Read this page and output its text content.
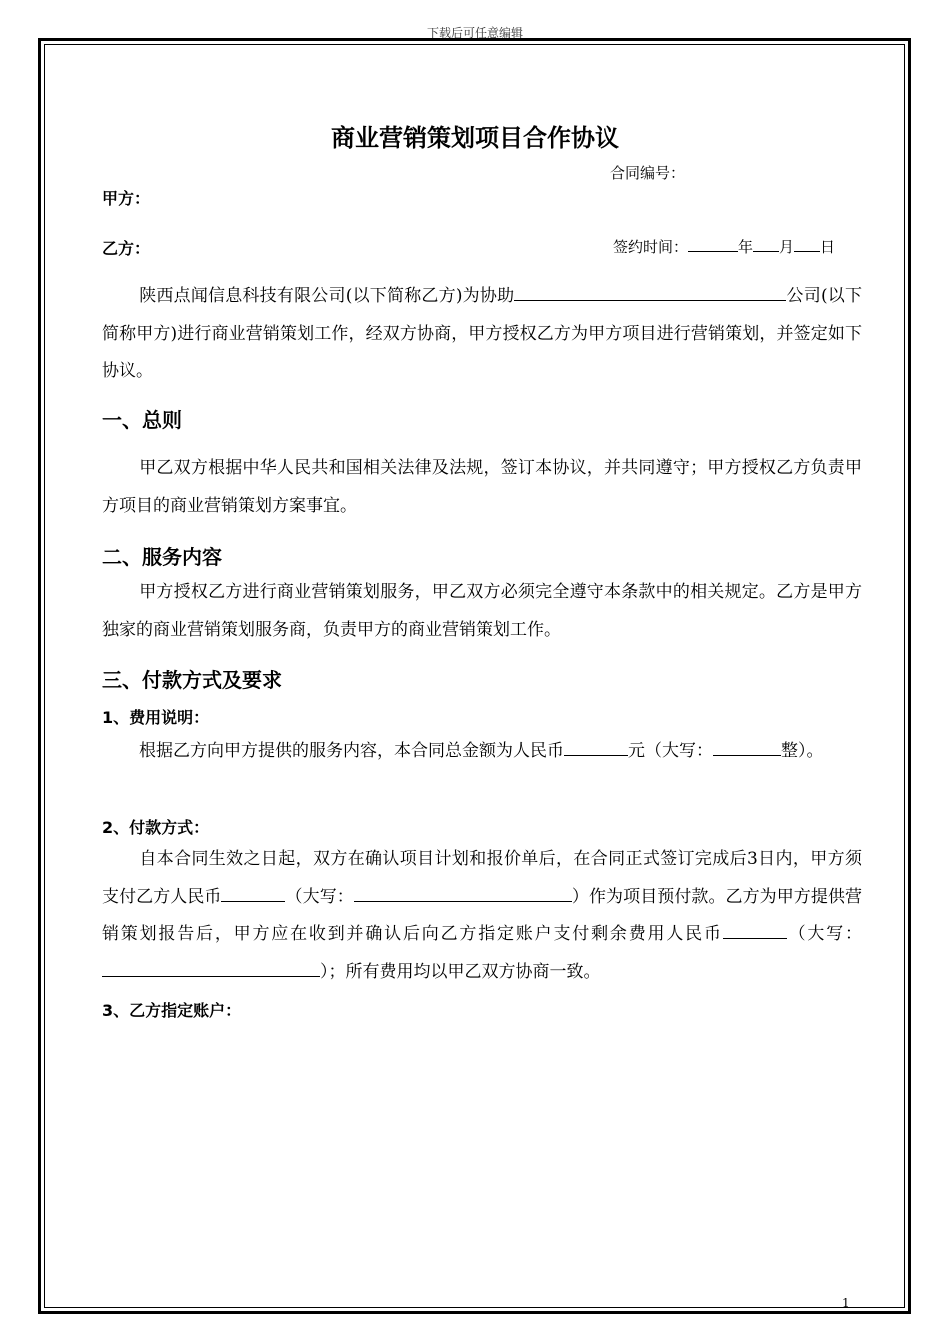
下载后可任意编辑
商业营销策划项目合作协议
合同编号：
甲方：
乙方：	签约时间：	年 月 日
陕西点闻信息科技有限公司(以下简称乙方)为协助	公司(以下简称甲方)进行商业营销策划工作，经双方协商，甲方授权乙方为甲方项目进行营销策划，并签定如下协议。
一、总则
甲乙双方根据中华人民共和国相关法律及法规，签订本协议，并共同遵守；甲方授权乙方负责甲方项目的商业营销策划方案事宜。
二、服务内容
甲方授权乙方进行商业营销策划服务，甲乙双方必须完全遵守本条款中的相关规定。乙方是甲方独家的商业营销策划服务商，负责甲方的商业营销策划工作。
三、付款方式及要求
1、费用说明：
根据乙方向甲方提供的服务内容，本合同总金额为人民币	元（大写：	整）。
2、付款方式：
自本合同生效之日起，双方在确认项目计划和报价单后，在合同正式签订完成后3日内，甲方须支付乙方人民币	（大写：	）作为项目预付款。乙方为甲方提供营销策划报告后，甲方应在收到并确认后向乙方指定账户支付剩余费用人民币	（大写：）；所有费用均以甲乙双方协商一致。
3、乙方指定账户：
1
